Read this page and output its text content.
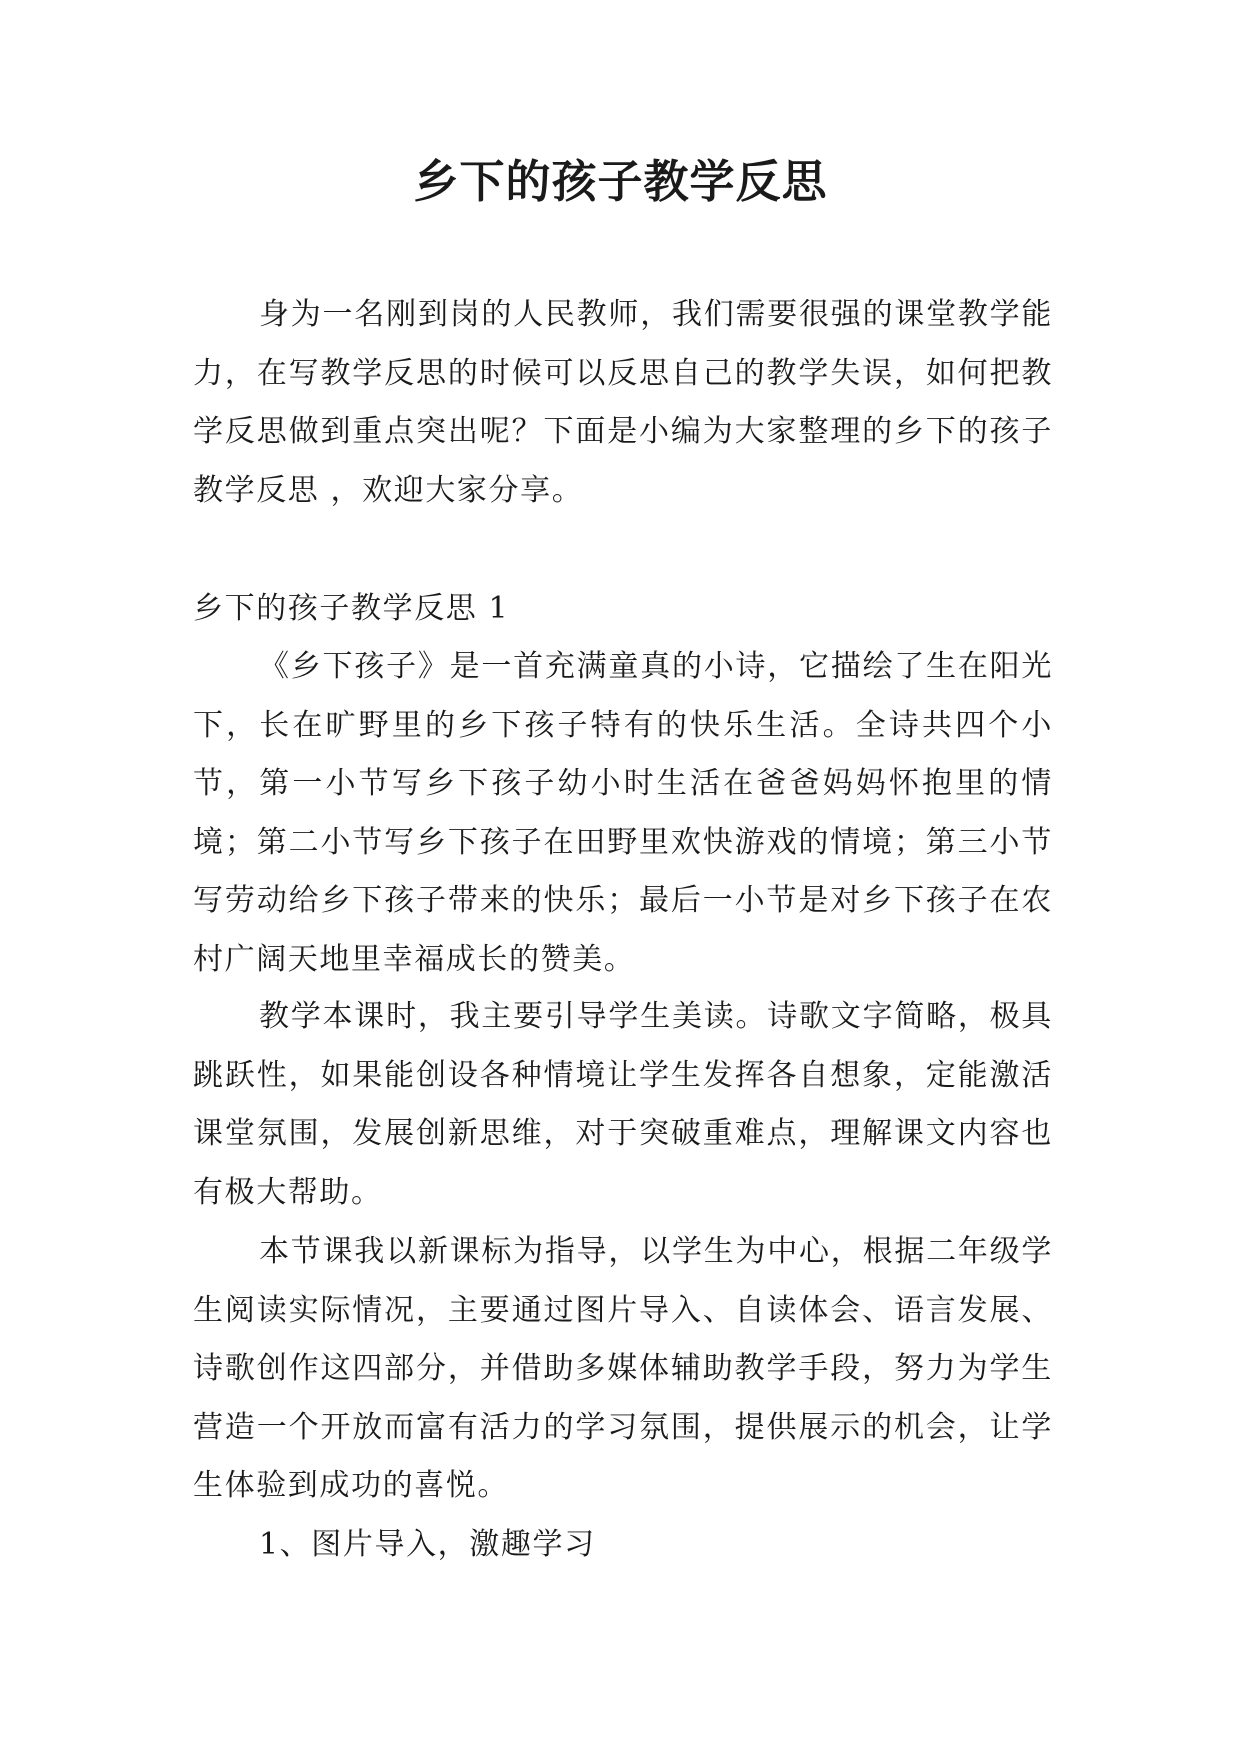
乡下的孩子教学反思

身为一名刚到岗的人民教师，我们需要很强的课堂教学能力，在写教学反思的时候可以反思自己的教学失误，如何把教学反思做到重点突出呢？下面是小编为大家整理的乡下的孩子教学反思 ，欢迎大家分享。

乡下的孩子教学反思 1

《乡下孩子》是一首充满童真的小诗，它描绘了生在阳光下，长在旷野里的乡下孩子特有的快乐生活。全诗共四个小节，第一小节写乡下孩子幼小时生活在爸爸妈妈怀抱里的情境；第二小节写乡下孩子在田野里欢快游戏的情境；第三小节写劳动给乡下孩子带来的快乐；最后一小节是对乡下孩子在农村广阔天地里幸福成长的赞美。

教学本课时，我主要引导学生美读。诗歌文字简略，极具跳跃性，如果能创设各种情境让学生发挥各自想象，定能激活课堂氛围，发展创新思维，对于突破重难点，理解课文内容也有极大帮助。

本节课我以新课标为指导，以学生为中心，根据二年级学生阅读实际情况，主要通过图片导入、自读体会、语言发展、诗歌创作这四部分，并借助多媒体辅助教学手段，努力为学生营造一个开放而富有活力的学习氛围，提供展示的机会，让学生体验到成功的喜悦。

1、图片导入，激趣学习
